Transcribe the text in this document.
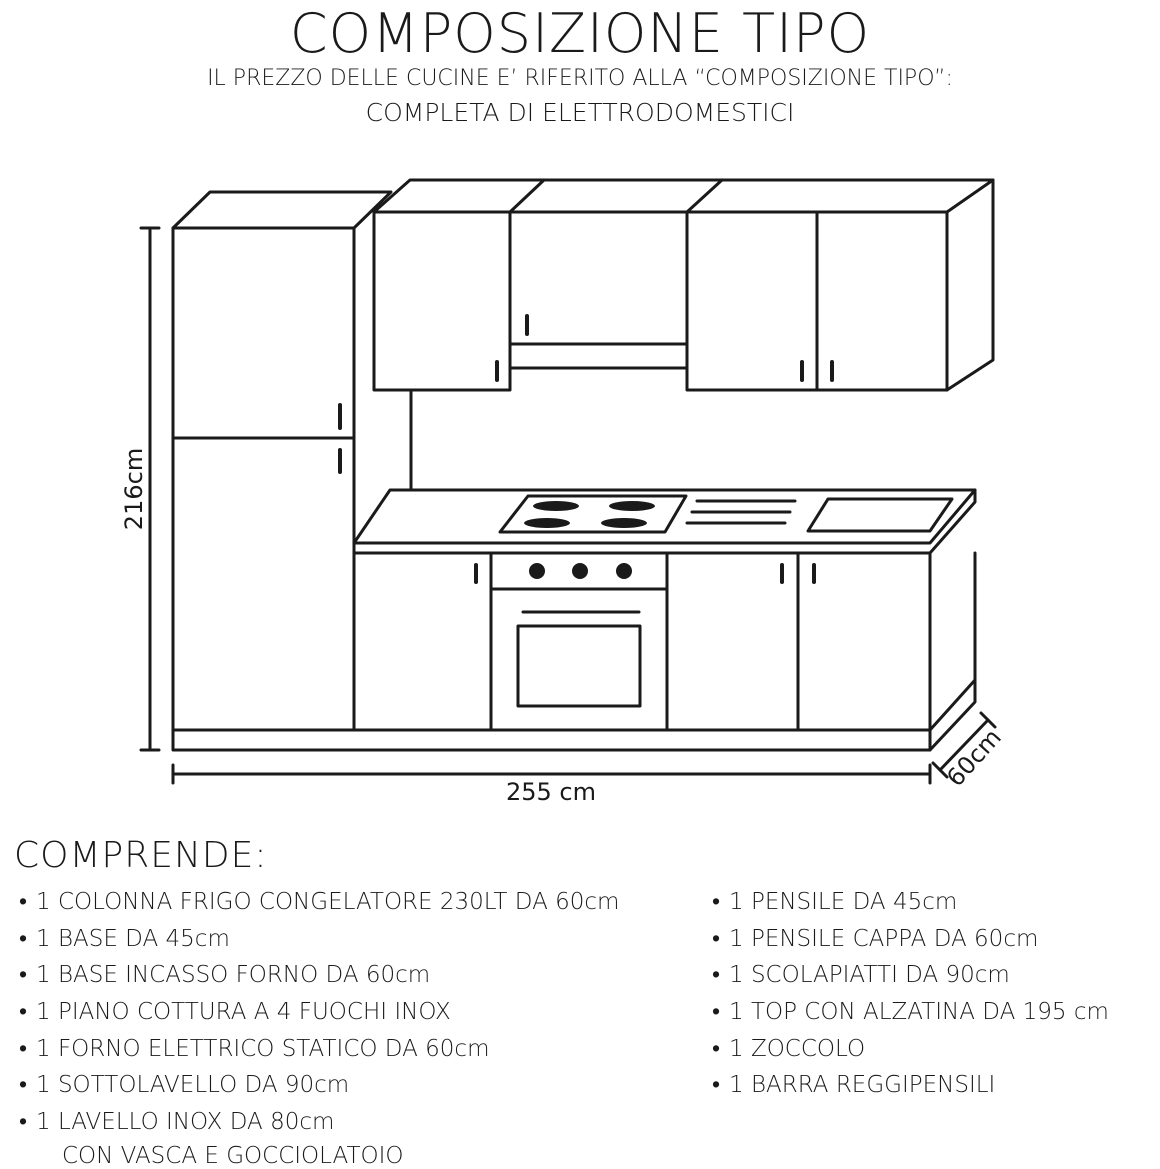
COMPOSIZIONE TIPO
IL PREZZO DELLE CUCINE E’ RIFERITO ALLA “COMPOSIZIONE TIPO”:
COMPLETA DI ELETTRODOMESTICI
216cm
255 cm
60cm
COMPRENDE:
• 1 COLONNA FRIGO CONGELATORE 230LT DA 60cm
• 1 BASE DA 45cm
• 1 BASE INCASSO FORNO DA 60cm
• 1 PIANO COTTURA A 4 FUOCHI INOX
• 1 FORNO ELETTRICO STATICO DA 60cm
• 1 SOTTOLAVELLO DA 90cm
• 1 LAVELLO INOX DA 80cm
CON VASCA E GOCCIOLATOIO
• 1 PENSILE DA 45cm
• 1 PENSILE CAPPA DA 60cm
• 1 SCOLAPIATTI DA 90cm
• 1 TOP CON ALZATINA DA 195 cm
• 1 ZOCCOLO
• 1 BARRA REGGIPENSILI
